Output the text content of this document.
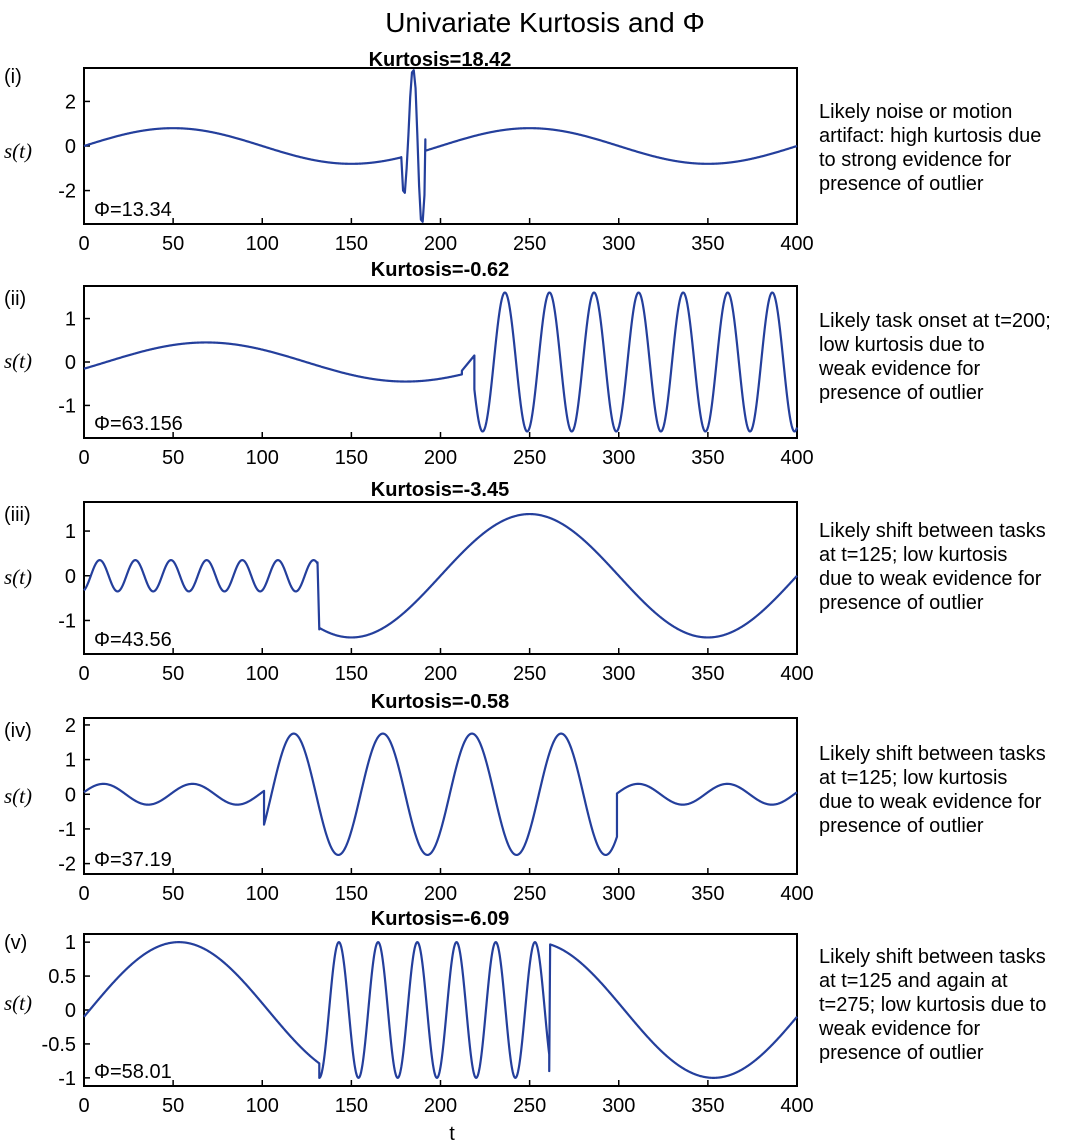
Univariate Kurtosis and Φ
0	50	100	150	200	250	300	350	400
2
0
-2
Kurtosis=18.42
(i)
s(t)
Φ=13.34
Likely noise or motion
artifact: high kurtosis due
to strong evidence for
presence of outlier
0	50	100	150	200	250	300	350	400
1
0
-1
Kurtosis=-0.62
(ii)
s(t)
Φ=63.156
Likely task onset at t=200;
low kurtosis due to
weak evidence for
presence of outlier
0	50	100	150	200	250	300	350	400
1
0
-1
Kurtosis=-3.45
(iii)
s(t)
Φ=43.56
Likely shift between tasks
at t=125; low kurtosis
due to weak evidence for
presence of outlier
0	50	100	150	200	250	300	350	400
2
1
0
-1
-2
Kurtosis=-0.58
(iv)
s(t)
Φ=37.19
Likely shift between tasks
at t=125; low kurtosis
due to weak evidence for
presence of outlier
0	50	100	150	200	250	300	350	400
1
0.5
0
-0.5
-1
Kurtosis=-6.09
(v)
s(t)
Φ=58.01
Likely shift between tasks
at t=125 and again at
t=275; low kurtosis due to
weak evidence for
presence of outlier
t
